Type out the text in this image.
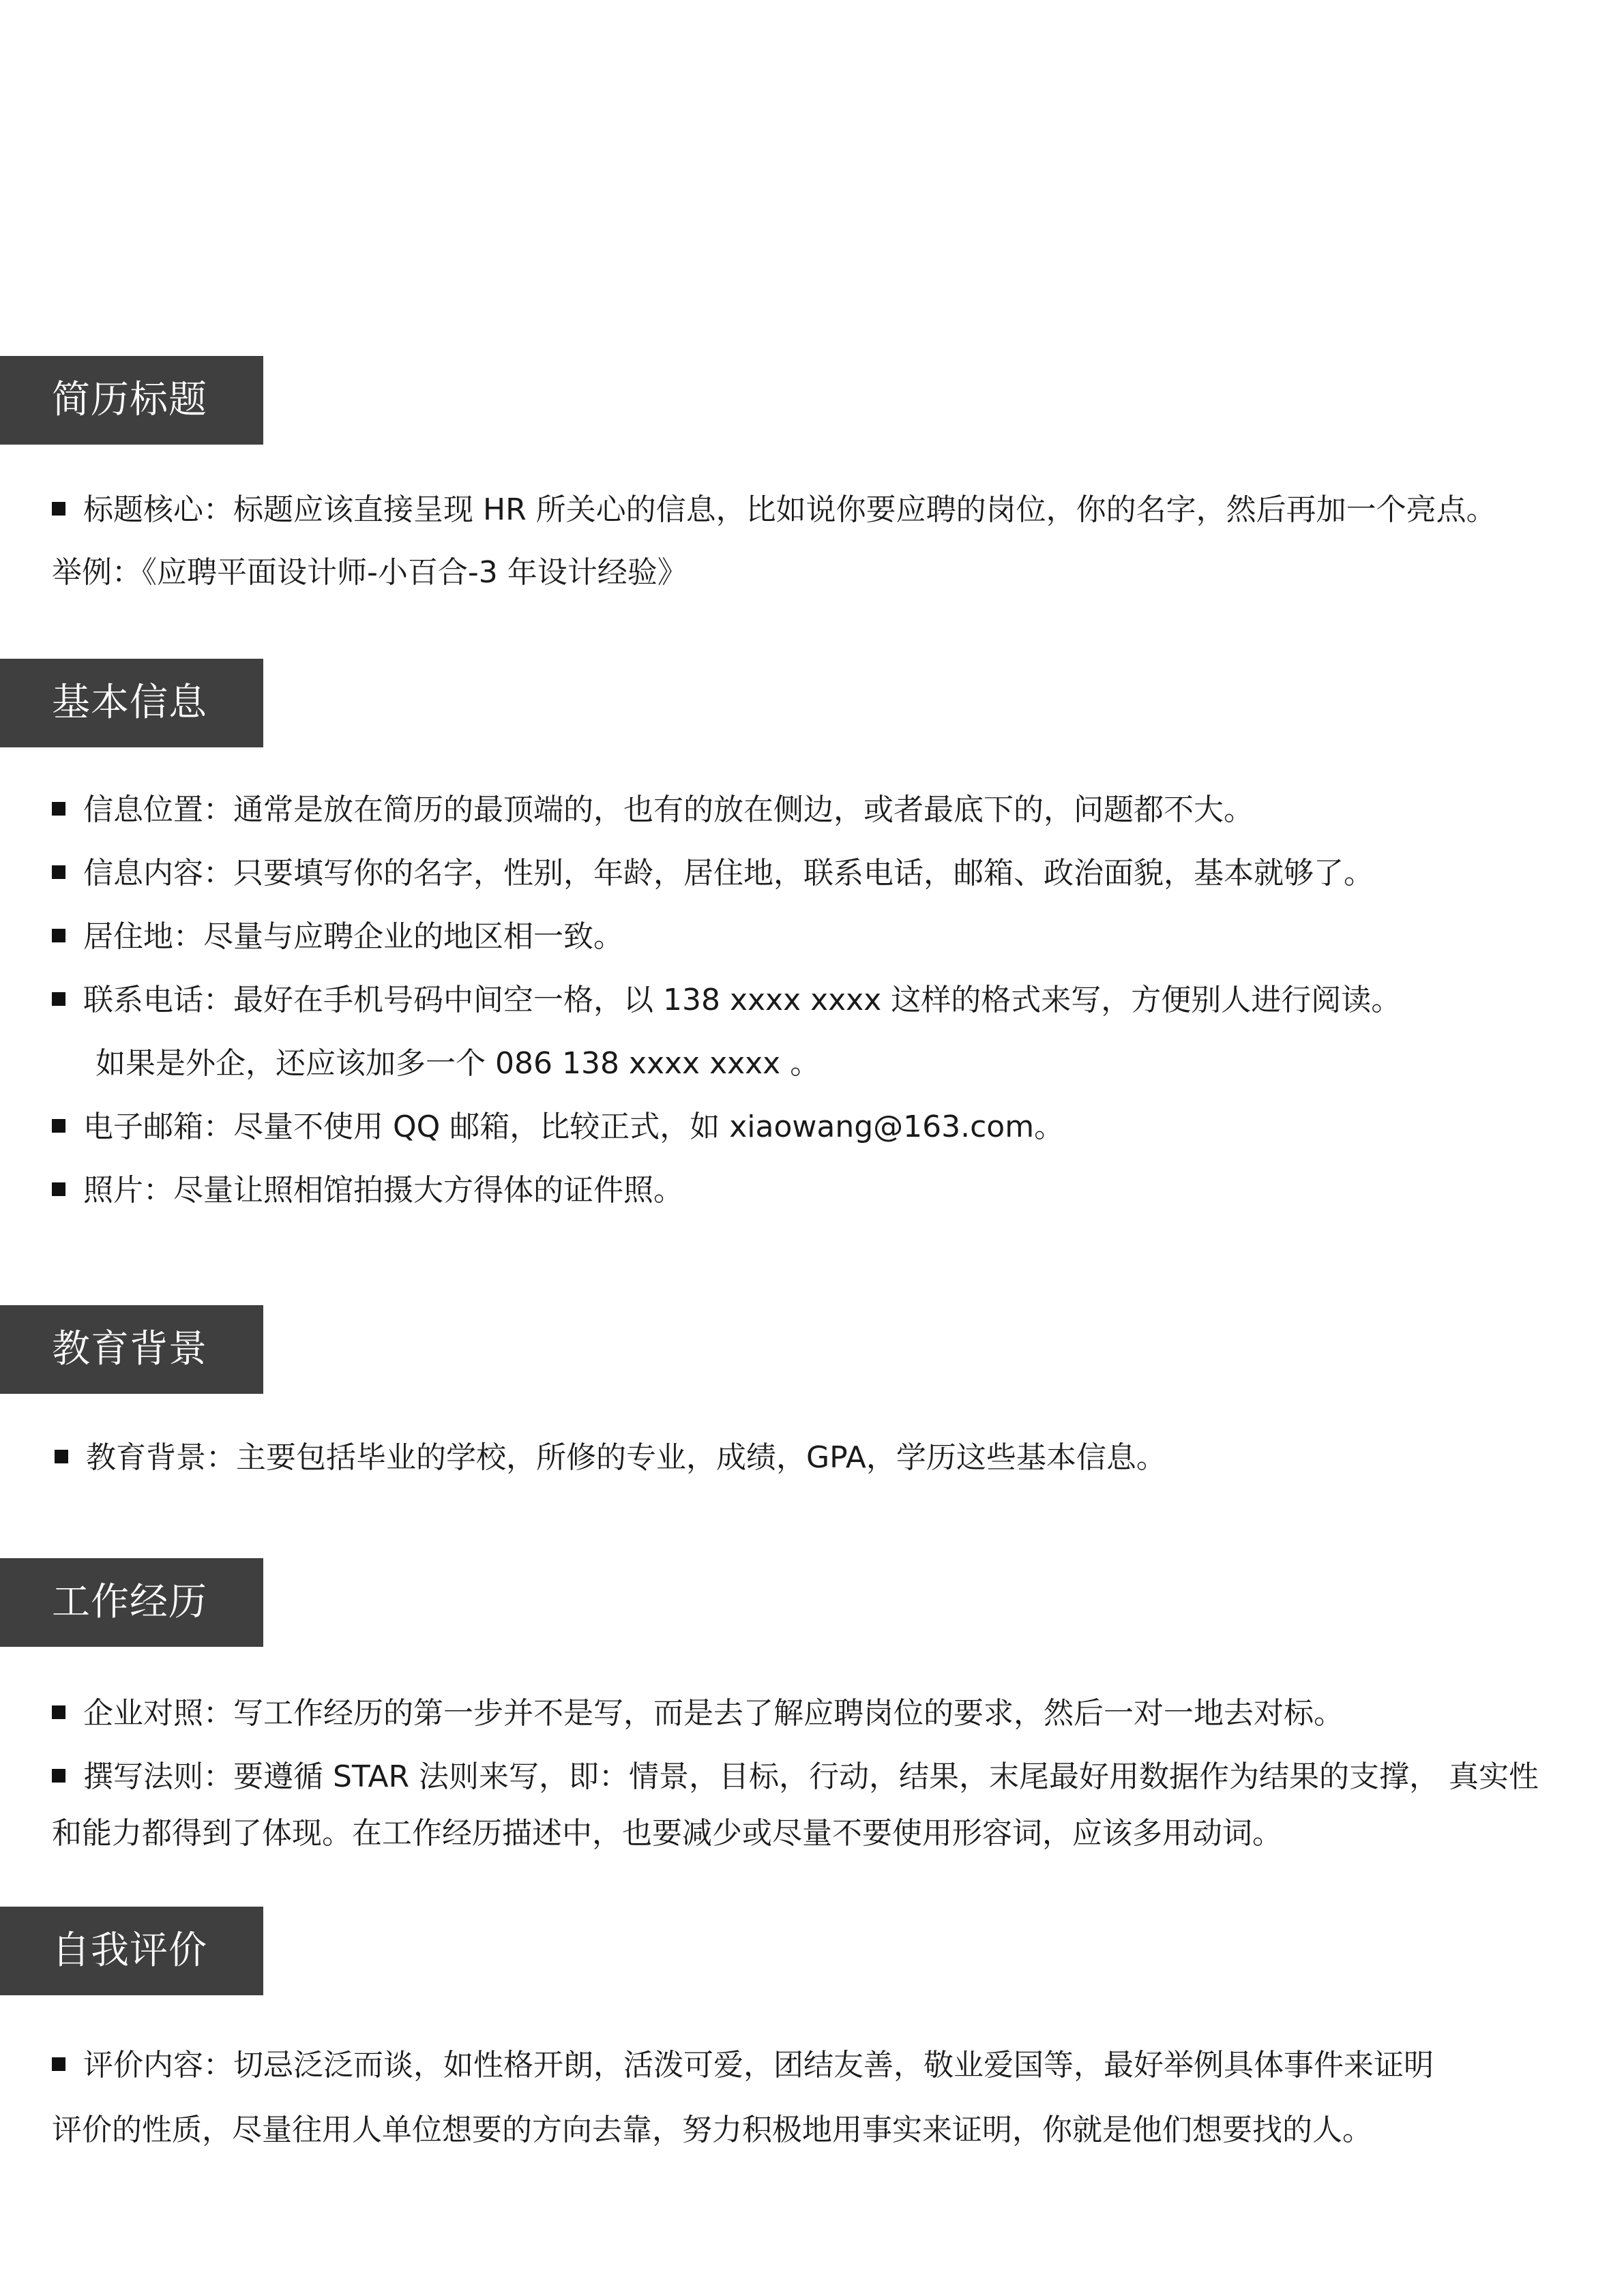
简历标题
标题核心：标题应该直接呈现 HR 所关心的信息，比如说你要应聘的岗位，你的名字，然后再加一个亮点。
举例：《应聘平面设计师-小百合-3 年设计经验》
基本信息
信息位置：通常是放在简历的最顶端的，也有的放在侧边，或者最底下的，问题都不大。
信息内容：只要填写你的名字，性别，年龄，居住地，联系电话，邮箱、政治面貌，基本就够了。
居住地：尽量与应聘企业的地区相一致。
联系电话：最好在手机号码中间空一格，以 138 xxxx xxxx 这样的格式来写，方便别人进行阅读。
如果是外企，还应该加多一个 086 138 xxxx xxxx 。
电子邮箱：尽量不使用 QQ 邮箱，比较正式，如 xiaowang@163.com。
照片：尽量让照相馆拍摄大方得体的证件照。
教育背景
教育背景：主要包括毕业的学校，所修的专业，成绩，GPA，学历这些基本信息。
工作经历
企业对照：写工作经历的第一步并不是写，而是去了解应聘岗位的要求，然后一对一地去对标。
撰写法则：要遵循 STAR 法则来写，即：情景，目标，行动，结果，末尾最好用数据作为结果的支撑， 真实性
和能力都得到了体现。在工作经历描述中，也要减少或尽量不要使用形容词，应该多用动词。
自我评价
评价内容：切忌泛泛而谈，如性格开朗，活泼可爱，团结友善，敬业爱国等，最好举例具体事件来证明
评价的性质，尽量往用人单位想要的方向去靠，努力积极地用事实来证明，你就是他们想要找的人。
